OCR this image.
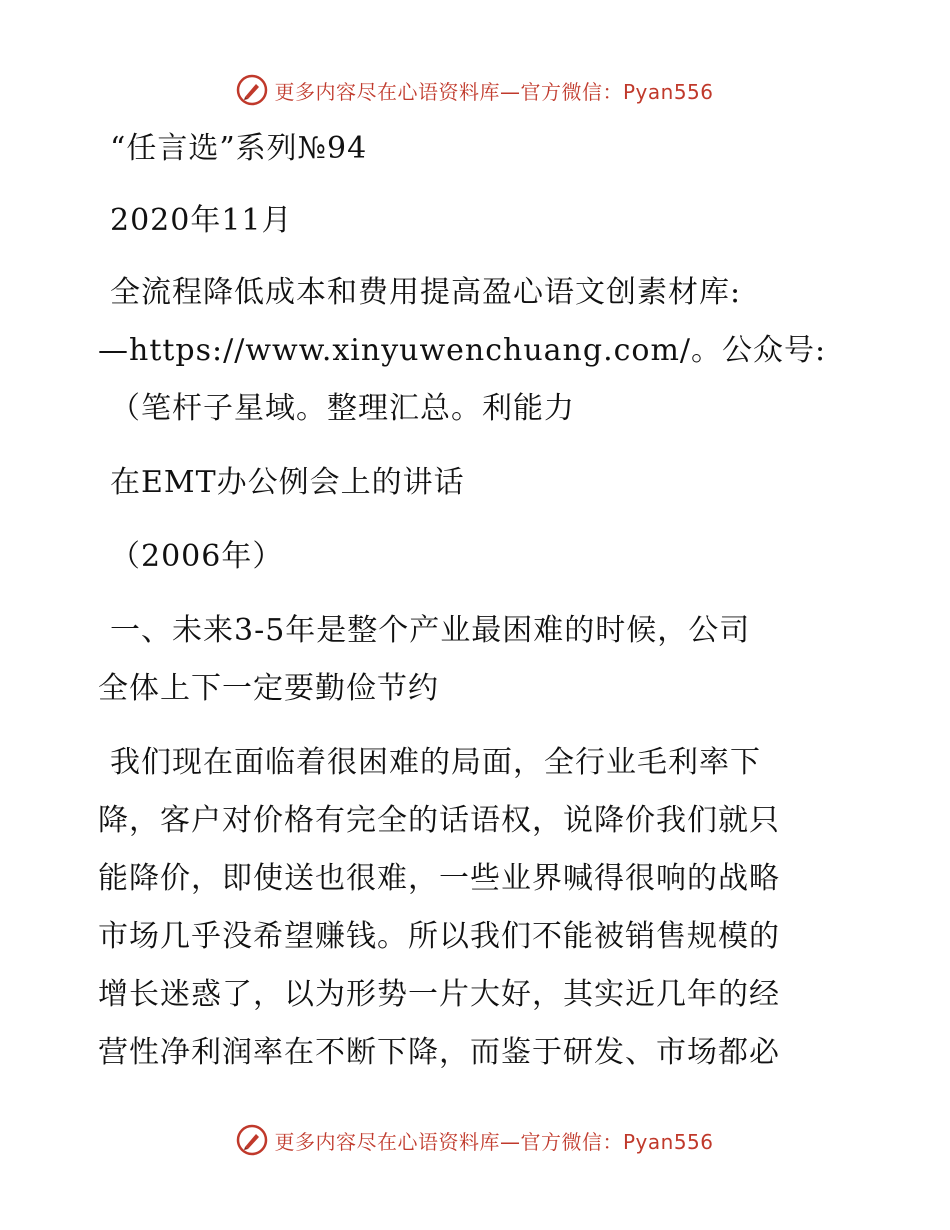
更多内容尽在心语资料库—官方微信：Pyan556
“任言选”系列№94
2020年11月
全流程降低成本和费用提高盈心语文创素材库:
—https://www.xinyuwenchuang.com/。公众号:
（笔杆子星域。整理汇总。利能力
在EMT办公例会上的讲话
（2006年）
一、未来3-5年是整个产业最困难的时候，公司
全体上下一定要勤俭节约
我们现在面临着很困难的局面，全行业毛利率下
降，客户对价格有完全的话语权，说降价我们就只
能降价，即使送也很难，一些业界喊得很响的战略
市场几乎没希望赚钱。所以我们不能被销售规模的
增长迷惑了，以为形势一片大好，其实近几年的经
营性净利润率在不断下降，而鉴于研发、市场都必
更多内容尽在心语资料库—官方微信：Pyan556
